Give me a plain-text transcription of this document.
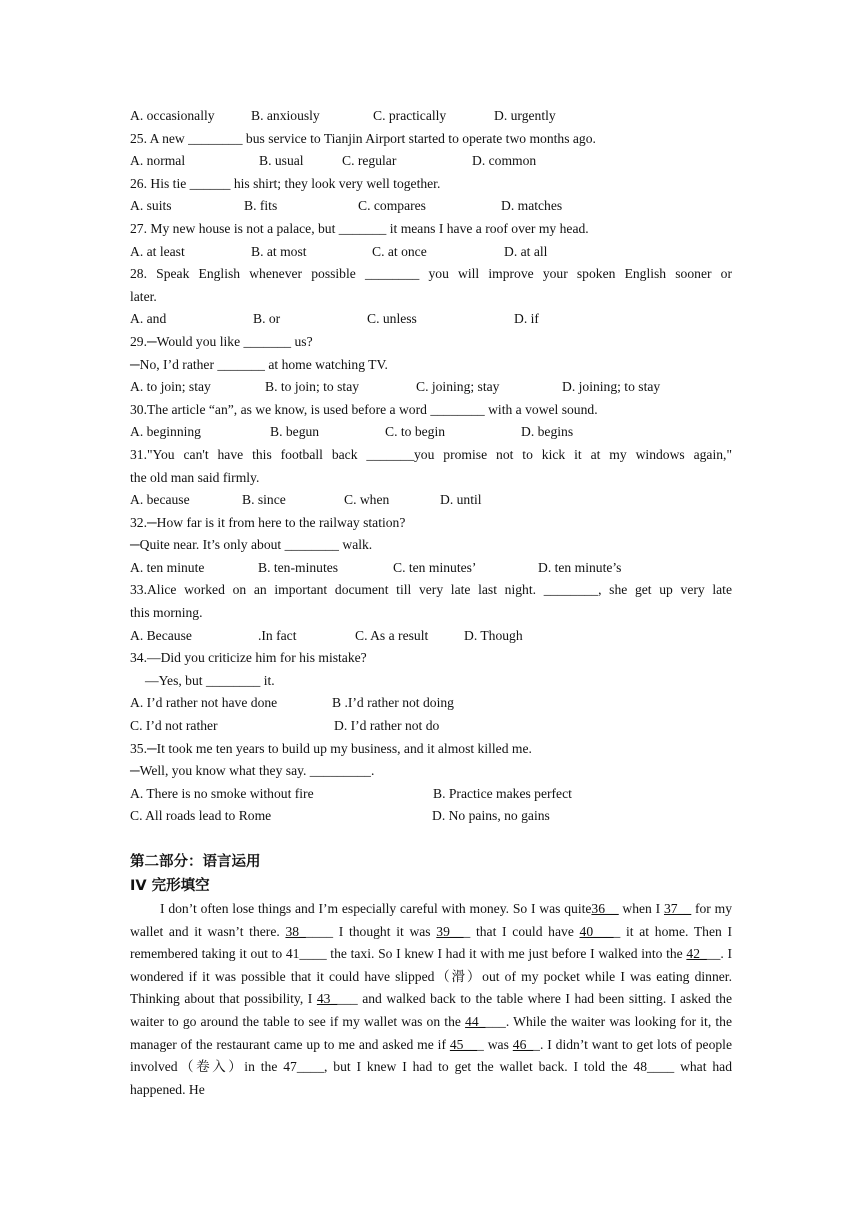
A. occasionally	B. anxiously	C. practically	D. urgently
25. A new ________ bus service to Tianjin Airport started to operate two months ago.
A. normal	B. usual	C. regular	D. common
26. His tie ______ his shirt; they look very well together.
A. suits	B. fits	C. compares	D. matches
27. My new house is not a palace, but _______ it means I have a roof over my head.
A. at least	B. at most	C. at once	D. at all
28. Speak English whenever possible ________ you will improve your spoken English sooner or
later.
A. and	B. or	C. unless	D. if
29.─Would you like _______ us?
─No, I’d rather _______ at home watching TV.
A. to join; stay	B. to join; to stay	C. joining; stay	D. joining; to stay
30.The article “an”, as we know, is used before a word ________ with a vowel sound.
A. beginning	B. begun	C. to begin	D. begins
31."You can't have this football back _______you promise not to kick it at my windows again,"
the old man said firmly.
A. because	B. since	C. when	D. until
32.─How far is it from here to the railway station?
─Quite near. It’s only about ________ walk.
A. ten minute	B. ten-minutes	C. ten minutes’	D. ten minute’s
33.Alice worked on an important document till very late last night. ________, she get up very late
this morning.
A. Because	.In fact	C. As a result	D. Though
34.—Did you criticize him for his mistake?
—Yes, but ________ it.
A. I’d rather not have done	B .I’d rather not doing
C. I’d not rather	D. I’d rather not do
35.─It took me ten years to build up my business, and it almost killed me.
─Well, you know what they say. _________.
A. There is no smoke without fire	B. Practice makes perfect
C. All roads lead to Rome	D. No pains, no gains
第二部分：语言运用
IV 完形填空
I don’t often lose things and I’m especially careful with money. So I was quite36__ when I 37__ for my wallet and it wasn’t there. 38_____ I thought it was 39___ that I could have 40____ it at home. Then I remembered taking it out to 41____ the taxi. So I knew I had it with me just before I walked into the 42___. I wondered if it was possible that it could have slipped（滑）out of my pocket while I was eating dinner. Thinking about that possibility, I 43____ and walked back to the table where I had been sitting. I asked the waiter to go around the table to see if my wallet was on the 44____. While the waiter was looking for it, the manager of the restaurant came up to me and asked me if 45___ was 46__. I didn’t want to get lots of people involved（卷入）in the 47____, but I knew I had to get the wallet back. I told the 48____ what had happened. He
